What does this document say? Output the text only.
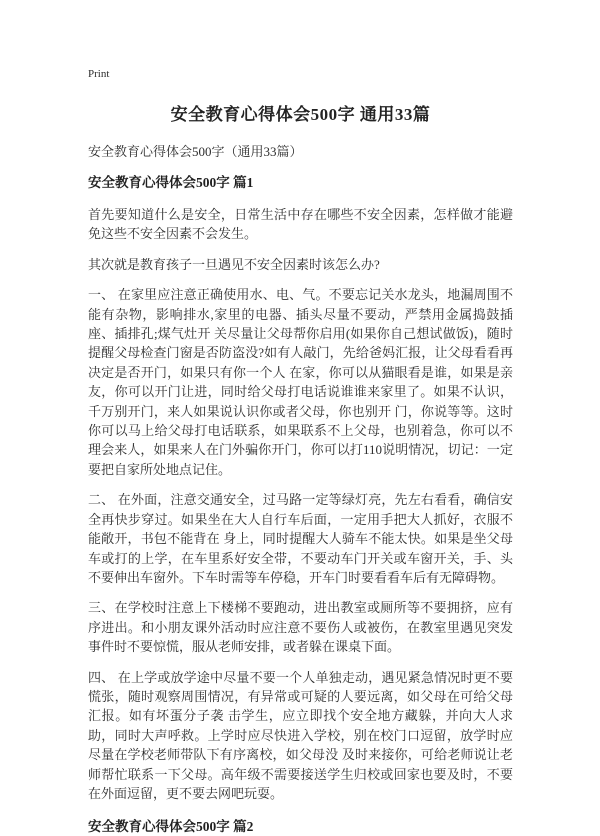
Print
安全教育心得体会500字 通用33篇

安全教育心得体会500字（通用33篇）

安全教育心得体会500字 篇1

首先要知道什么是安全，日常生活中存在哪些不安全因素，怎样做才能避免这些不安全因素不会发生。

其次就是教育孩子一旦遇见不安全因素时该怎么办?

一、 在家里应注意正确使用水、电、气。不要忘记关水龙头，地漏周围不能有杂物，影响排水,家里的电器、插头尽量不要动，严禁用金属捣鼓插座、插排孔;煤气灶开 关尽量让父母帮你启用(如果你自己想试做饭)，随时提醒父母检查门窗是否防盗没?如有人敲门，先给爸妈汇报，让父母看看再决定是否开门，如果只有你一个人 在家，你可以从猫眼看是谁，如果是亲友，你可以开门让进，同时给父母打电话说谁谁来家里了。如果不认识，千万别开门，来人如果说认识你或者父母，你也别开 门，你说等等。这时你可以马上给父母打电话联系，如果联系不上父母，也别着急，你可以不理会来人，如果来人在门外骗你开门，你可以打110说明情况，切记：一定要把自家所处地点记住。

二、 在外面，注意交通安全，过马路一定等绿灯亮，先左右看看，确信安全再快步穿过。如果坐在大人自行车后面，一定用手把大人抓好，衣服不能敞开，书包不能背在 身上，同时提醒大人骑车不能太快。如果是坐父母车或打的上学，在车里系好安全带，不要动车门开关或车窗开关，手、头不要伸出车窗外。下车时需等车停稳，开车门时要看看车后有无障碍物。

三、在学校时注意上下楼梯不要跑动，进出教室或厕所等不要拥挤，应有序进出。和小朋友课外活动时应注意不要伤人或被伤，在教室里遇见突发事件时不要惊慌，服从老师安排，或者躲在课桌下面。

四、 在上学或放学途中尽量不要一个人单独走动，遇见紧急情况时更不要慌张，随时观察周围情况，有异常或可疑的人要远离，如父母在可给父母汇报。如有坏蛋分子袭 击学生，应立即找个安全地方藏躲，并向大人求助，同时大声呼救。上学时应尽快进入学校，别在校门口逗留，放学时应尽量在学校老师带队下有序离校，如父母没 及时来接你，可给老师说让老师帮忙联系一下父母。高年级不需要接送学生归校或回家也要及时，不要在外面逗留，更不要去网吧玩耍。

安全教育心得体会500字 篇2
